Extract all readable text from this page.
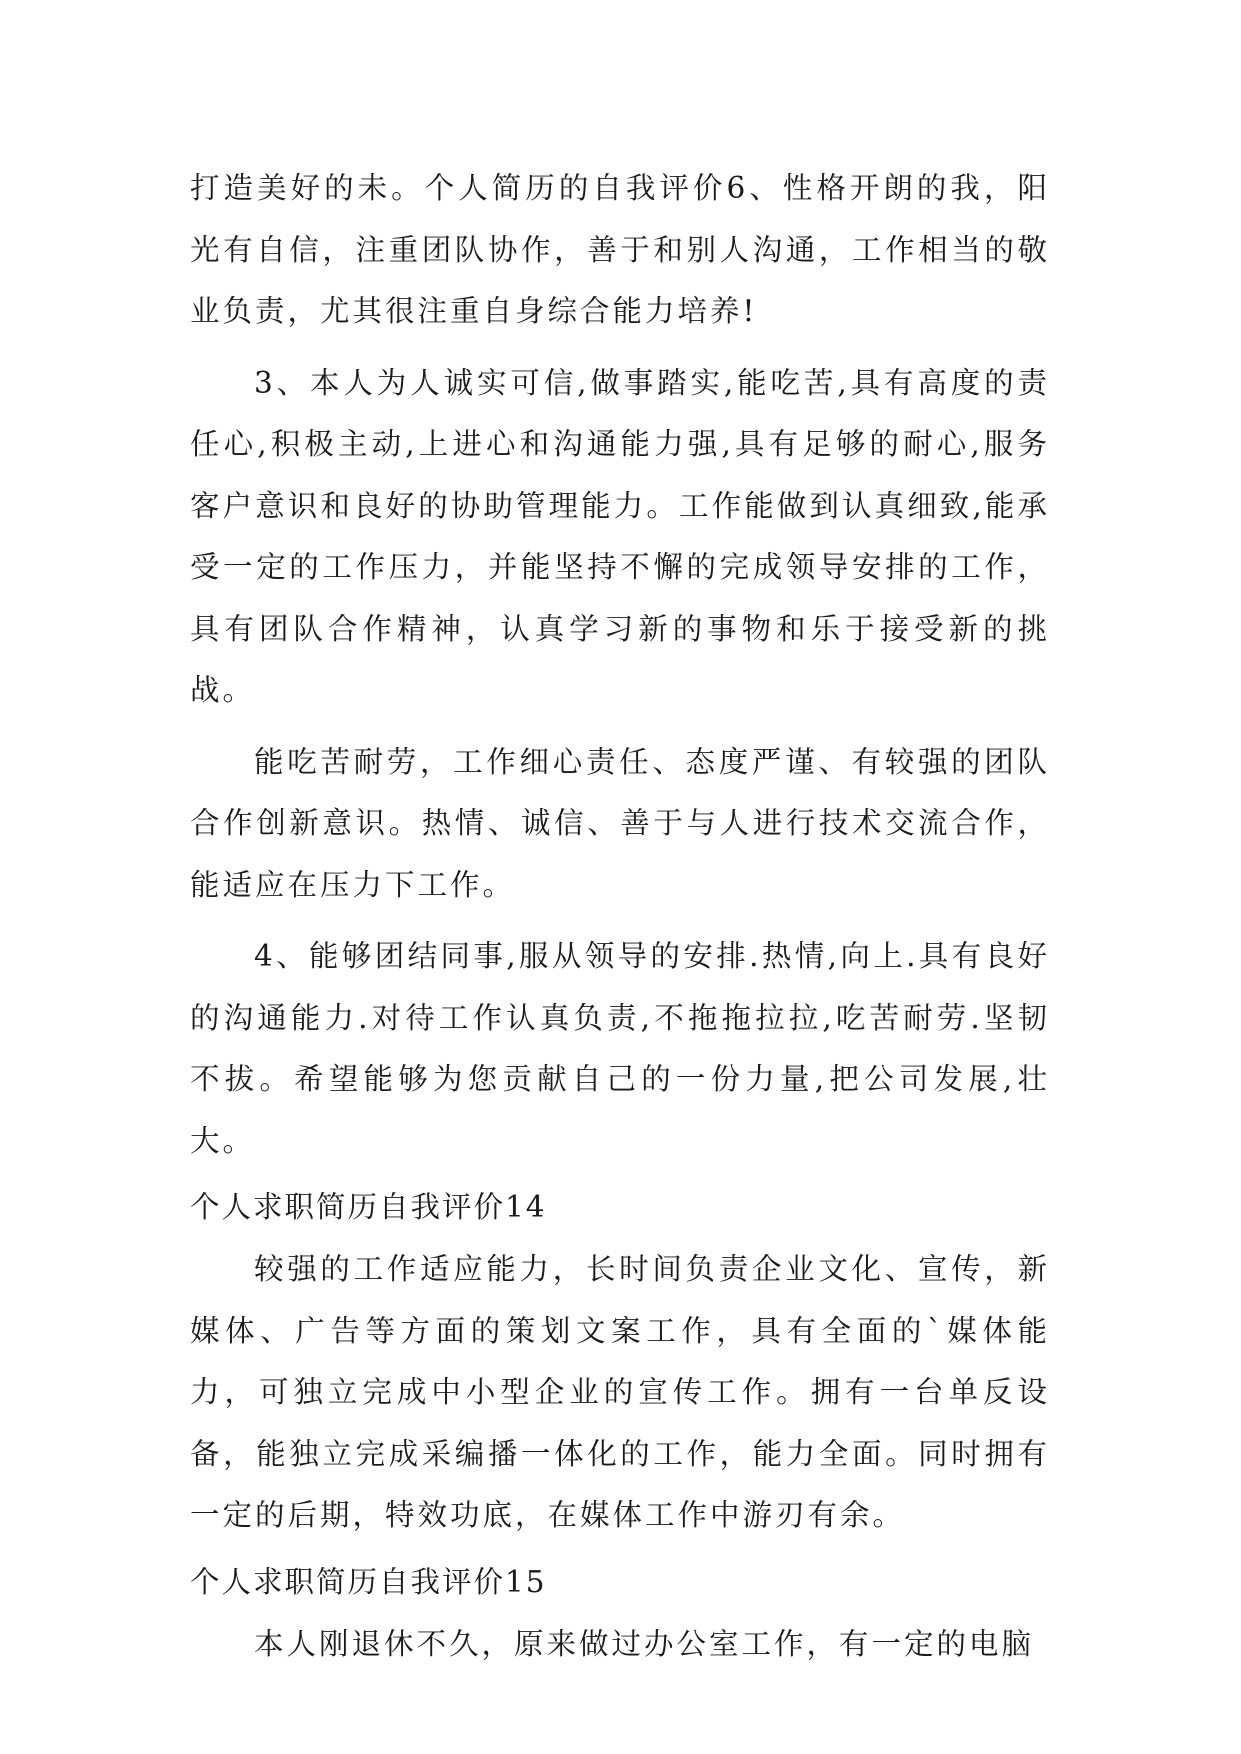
打造美好的未。个人简历的自我评价6、性格开朗的我，阳光有自信，注重团队协作，善于和别人沟通，工作相当的敬业负责，尤其很注重自身综合能力培养!

3、本人为人诚实可信,做事踏实,能吃苦,具有高度的责任心,积极主动,上进心和沟通能力强,具有足够的耐心,服务客户意识和良好的协助管理能力。工作能做到认真细致,能承受一定的工作压力，并能坚持不懈的完成领导安排的工作，具有团队合作精神，认真学习新的事物和乐于接受新的挑战。

能吃苦耐劳，工作细心责任、态度严谨、有较强的团队合作创新意识。热情、诚信、善于与人进行技术交流合作，能适应在压力下工作。

4、能够团结同事,服从领导的安排.热情,向上.具有良好的沟通能力.对待工作认真负责,不拖拖拉拉,吃苦耐劳.坚韧不拔。希望能够为您贡献自己的一份力量,把公司发展,壮大。

个人求职简历自我评价14

较强的工作适应能力，长时间负责企业文化、宣传，新媒体、广告等方面的策划文案工作，具有全面的`媒体能力，可独立完成中小型企业的宣传工作。拥有一台单反设备，能独立完成采编播一体化的工作，能力全面。同时拥有一定的后期，特效功底，在媒体工作中游刃有余。

个人求职简历自我评价15

本人刚退休不久，原来做过办公室工作，有一定的电脑
